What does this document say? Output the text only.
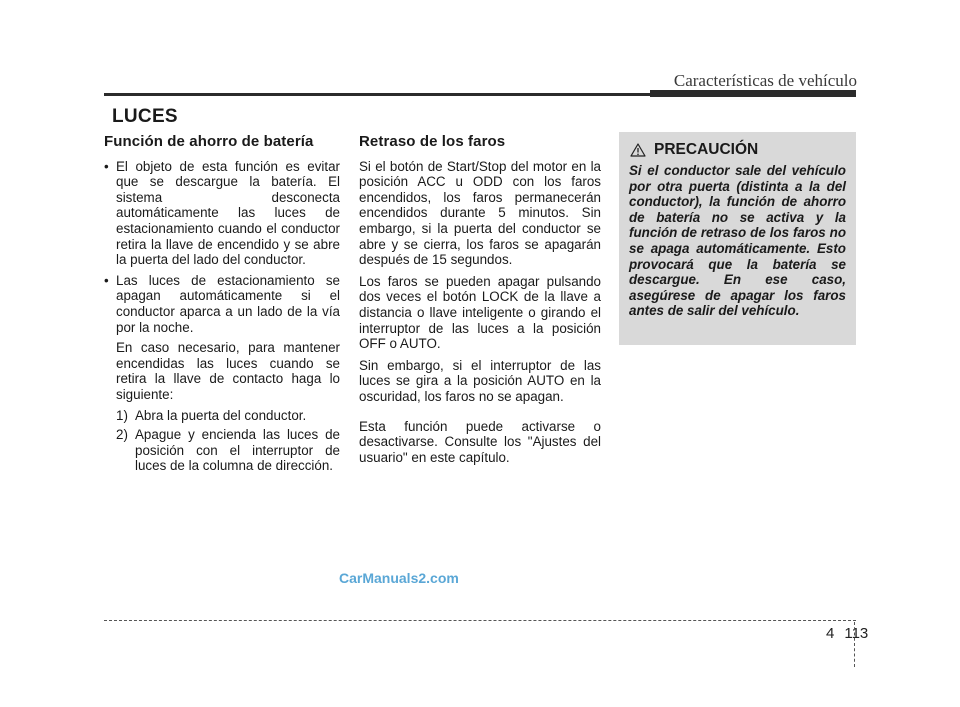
Características de vehículo
LUCES
Función de ahorro de batería
• El objeto de esta función es evitar que se descargue la batería. El sistema desconecta automáticamente las luces de estacionamiento cuando el conductor retira la llave de encendido y se abre la puerta del lado del conductor.
• Las luces de estacionamiento se apagan automáticamente si el conductor aparca a un lado de la vía por la noche.
En caso necesario, para mantener encendidas las luces cuando se retira la llave de contacto haga lo siguiente:
1) Abra la puerta del conductor.
2) Apague y encienda las luces de posición con el interruptor de luces de la columna de dirección.
Retraso de los faros

Si el botón de Start/Stop del motor en la posición ACC u ODD con los faros encendidos, los faros permanecerán encendidos durante 5 minutos. Sin embargo, si la puerta del conductor se abre y se cierra, los faros se apagarán después de 15 segundos.

Los faros se pueden apagar pulsando dos veces el botón LOCK de la llave a distancia o llave inteligente o girando el interruptor de las luces a la posición OFF o AUTO.

Sin embargo, si el interruptor de las luces se gira a la posición AUTO en la oscuridad, los faros no se apagan.

Esta función puede activarse o desactivarse. Consulte los "Ajustes del usuario" en este capítulo.

PRECAUCIÓN
Si el conductor sale del vehículo por otra puerta (distinta a la del conductor), la función de ahorro de batería no se activa y la función de retraso de los faros no se apaga automáticamente. Esto provocará que la batería se descargue. En ese caso, asegúrese de apagar los faros antes de salir del vehículo.
CarManuals2.com
4 113
